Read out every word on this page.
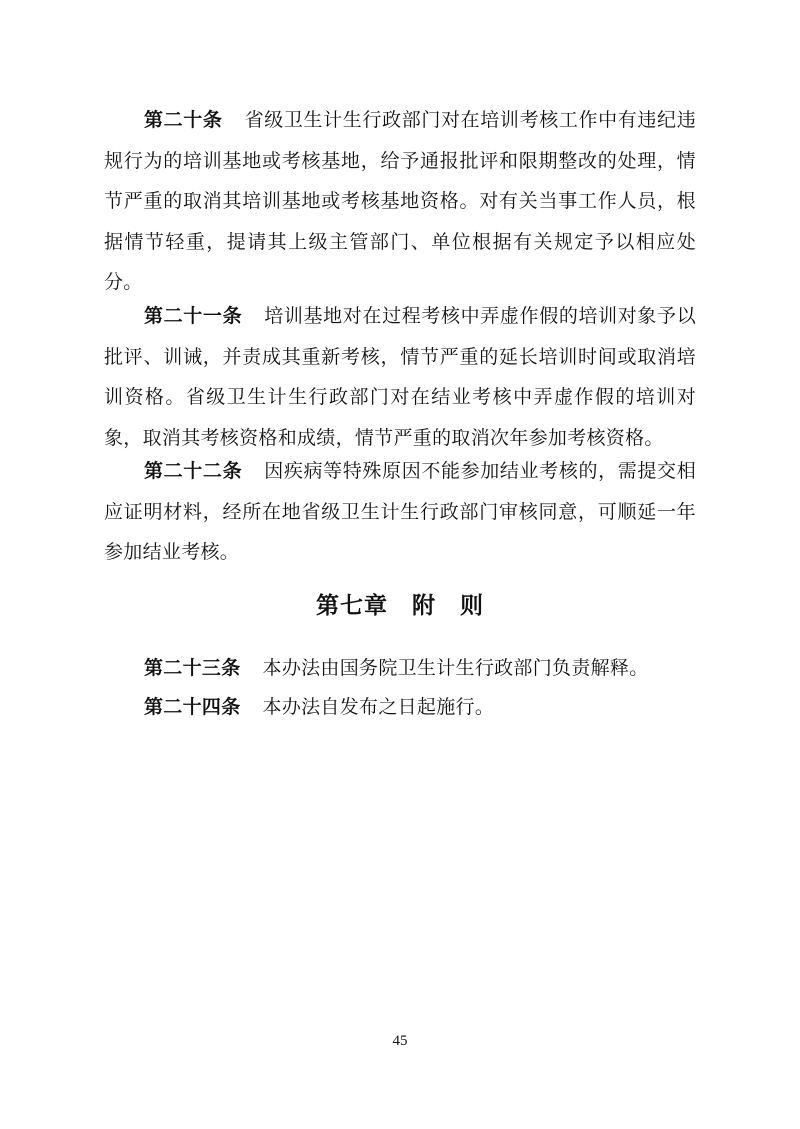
第二十条 省级卫生计生行政部门对在培训考核工作中有违纪违规行为的培训基地或考核基地，给予通报批评和限期整改的处理，情节严重的取消其培训基地或考核基地资格。对有关当事工作人员，根据情节轻重，提请其上级主管部门、单位根据有关规定予以相应处分。

第二十一条 培训基地对在过程考核中弄虚作假的培训对象予以批评、训诫，并责成其重新考核，情节严重的延长培训时间或取消培训资格。省级卫生计生行政部门对在结业考核中弄虚作假的培训对象，取消其考核资格和成绩，情节严重的取消次年参加考核资格。

第二十二条 因疾病等特殊原因不能参加结业考核的，需提交相应证明材料，经所在地省级卫生计生行政部门审核同意，可顺延一年参加结业考核。

第七章　附　则

第二十三条 本办法由国务院卫生计生行政部门负责解释。

第二十四条 本办法自发布之日起施行。

45
